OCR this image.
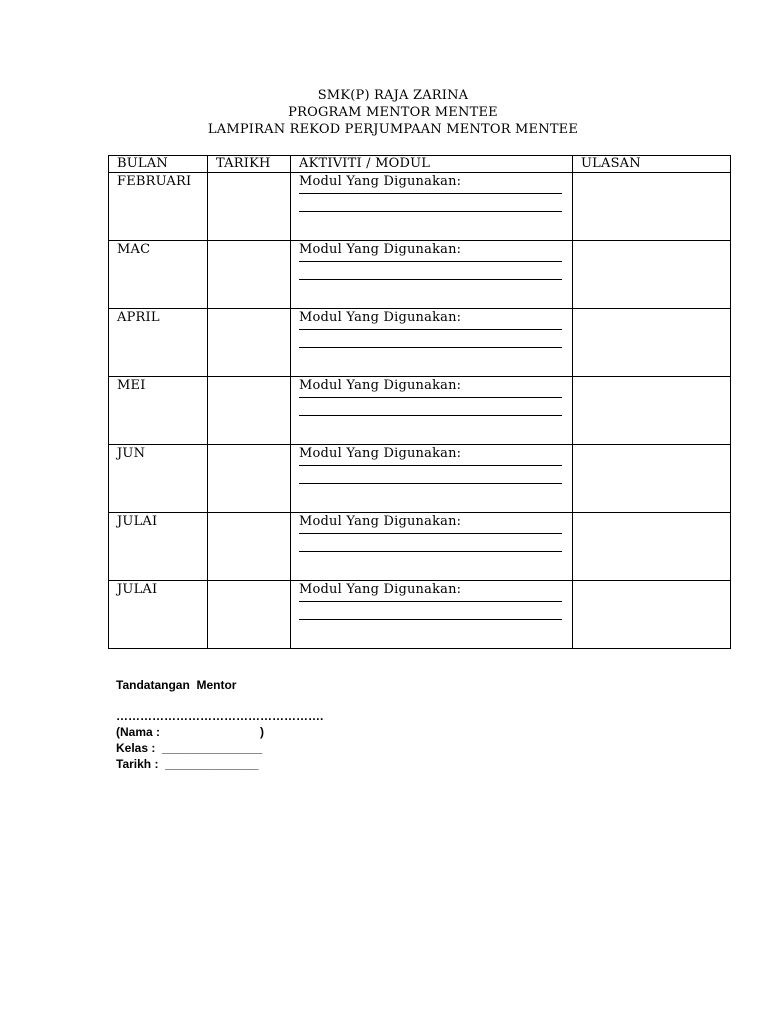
SMK(P) RAJA ZARINA
PROGRAM MENTOR MENTEE
LAMPIRAN REKOD PERJUMPAAN MENTOR MENTEE
BULAN	TARIKH	AKTIVITI / MODUL	ULASAN
FEBRUARI		Modul Yang Digunakan:	

MAC		Modul Yang Digunakan:	

APRIL		Modul Yang Digunakan:	

MEI		Modul Yang Digunakan:	

JUN		Modul Yang Digunakan:	

JULAI		Modul Yang Digunakan:	

JULAI		Modul Yang Digunakan:	

Tandatangan  Mentor
…………………………………………….
(Nama :                              )
Kelas :  _______________
Tarikh :  ______________
